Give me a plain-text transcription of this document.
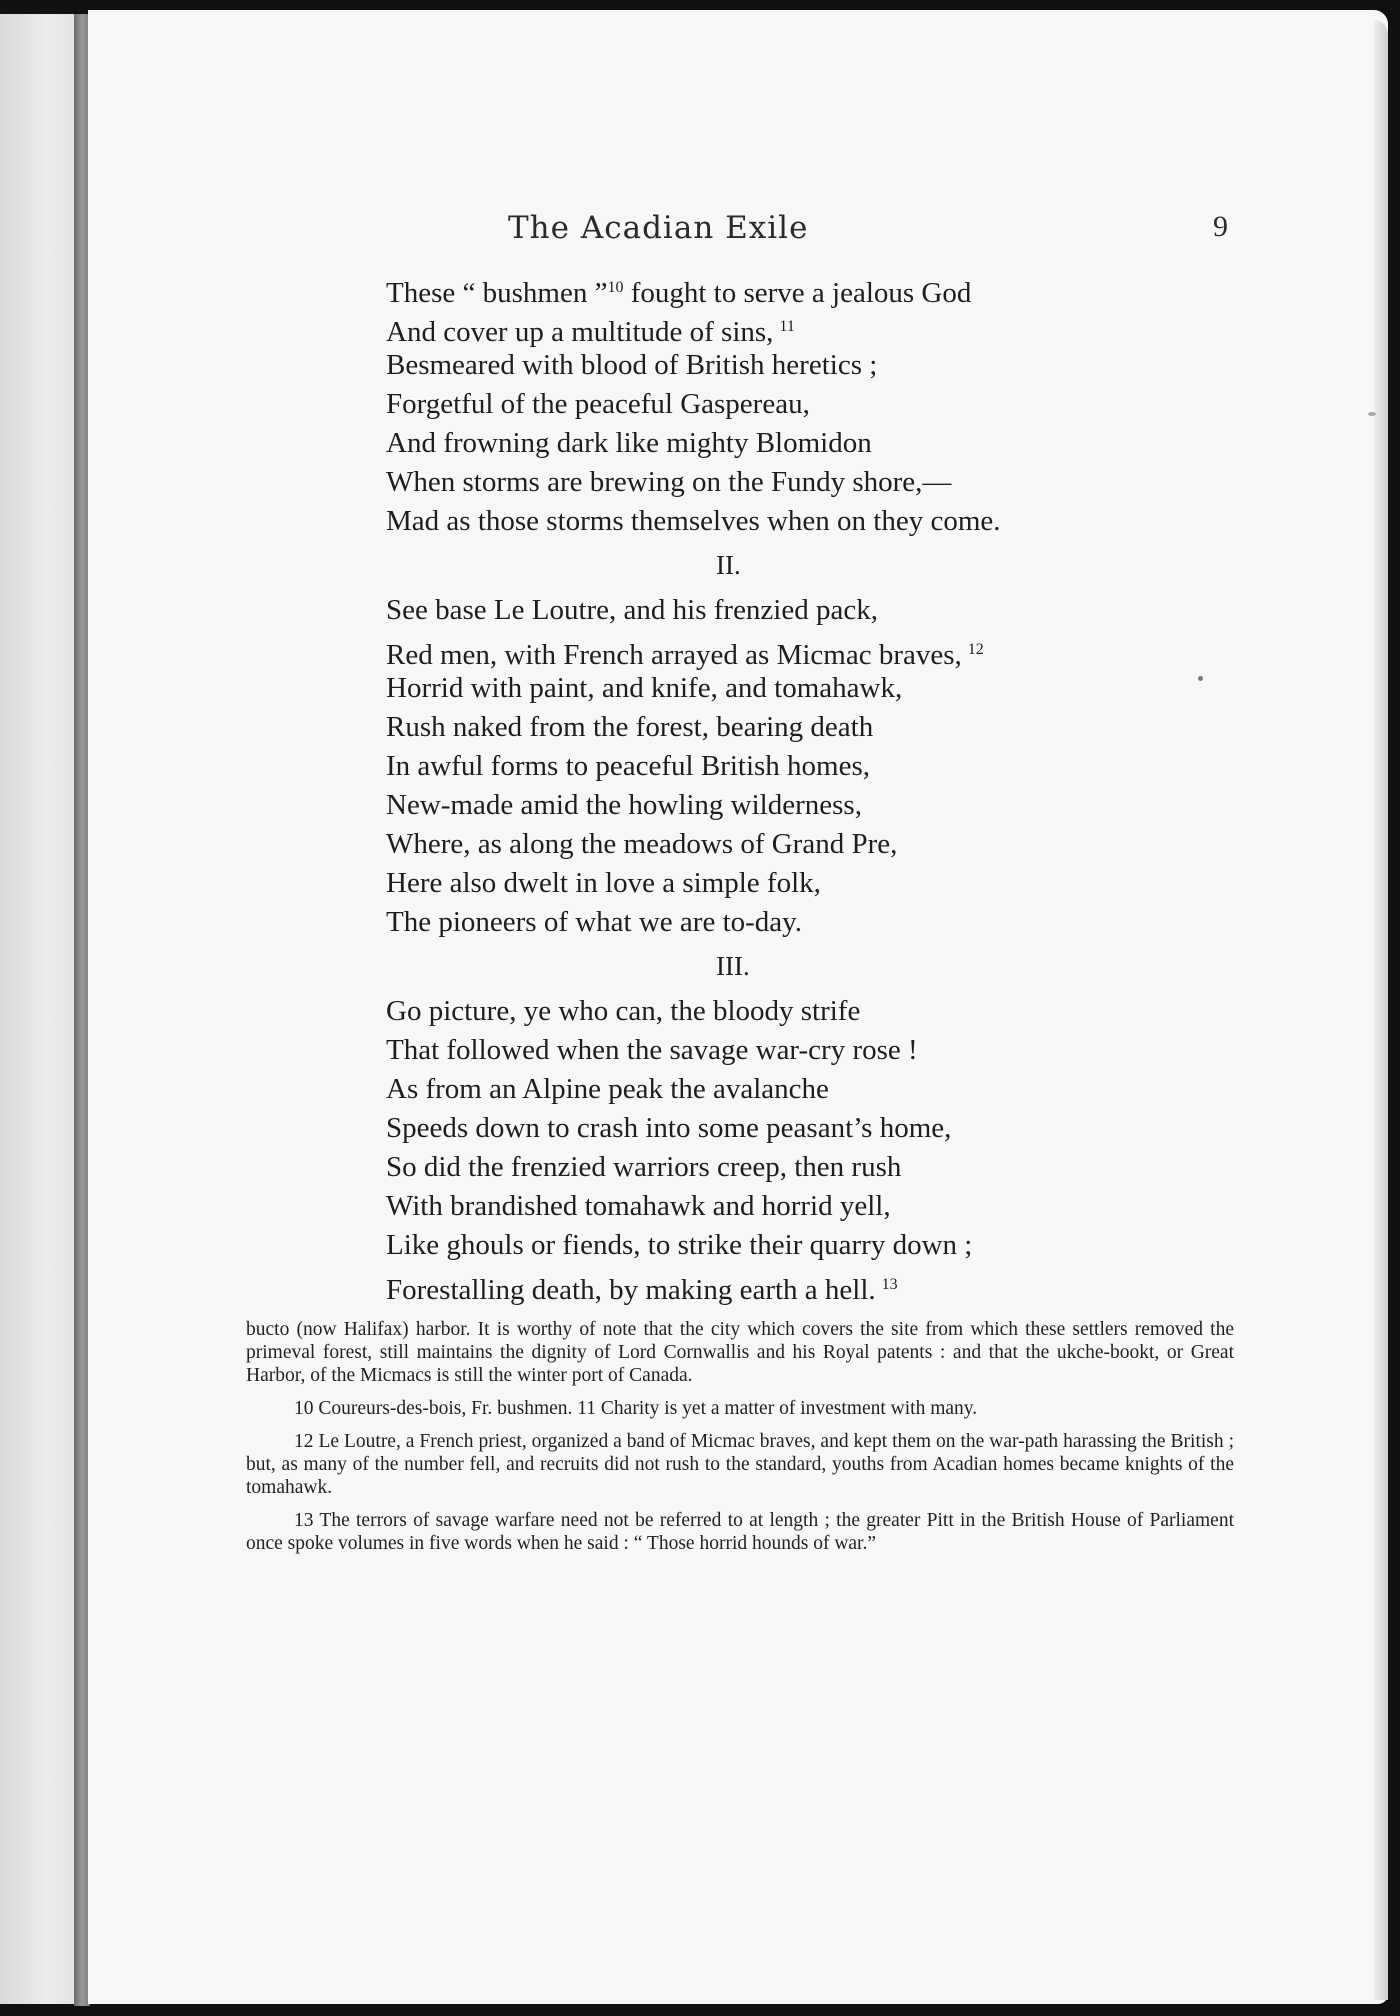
The Acadian Exile	9
These “ bushmen ”$^{10}$ fought to serve a jealous God
And cover up a multitude of sins, $^{11}$
Besmeared with blood of British heretics ;
Forgetful of the peaceful Gaspereau,
And frowning dark like mighty Blomidon
When storms are brewing on the Fundy shore,—
Mad as those storms themselves when on they come.
II.
See base Le Loutre, and his frenzied pack,
Red men, with French arrayed as Micmac braves, $^{12}$
Horrid with paint, and knife, and tomahawk,
Rush naked from the forest, bearing death
In awful forms to peaceful British homes,
New-made amid the howling wilderness,
Where, as along the meadows of Grand Pre,
Here also dwelt in love a simple folk,
The pioneers of what we are to-day.
III.
Go picture, ye who can, the bloody strife
That followed when the savage war-cry rose !
As from an Alpine peak the avalanche
Speeds down to crash into some peasant’s home,
So did the frenzied warriors creep, then rush
With brandished tomahawk and horrid yell,
Like ghouls or fiends, to strike their quarry down ;
Forestalling death, by making earth a hell. $^{13}$

bucto (now Halifax) harbor. It is worthy of note that the city which covers the site from which these settlers removed the primeval forest, still maintains the dignity of Lord Cornwallis and his Royal patents : and that the ukche-bookt, or Great Harbor, of the Micmacs is still the winter port of Canada.

10 Coureurs-des-bois, Fr. bushmen. 11 Charity is yet a matter of investment with many.

12 Le Loutre, a French priest, organized a band of Micmac braves, and kept them on the war-path harassing the British ; but, as many of the number fell, and recruits did not rush to the standard, youths from Acadian homes became knights of the tomahawk.

13 The terrors of savage warfare need not be referred to at length ; the greater Pitt in the British House of Parliament once spoke volumes in five words when he said : “ Those horrid hounds of war.”
